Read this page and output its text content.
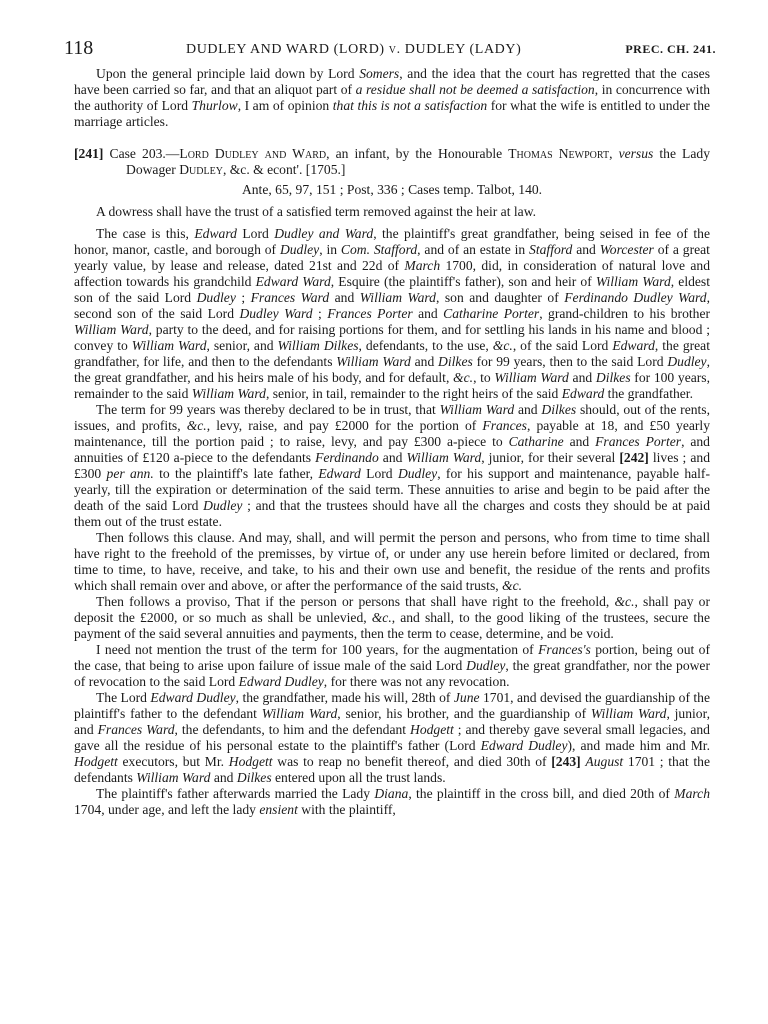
118	DUDLEY AND WARD (LORD) v. DUDLEY (LADY)	PREC. CH. 241.

Upon the general principle laid down by Lord Somers, and the idea that the court has regretted that the cases have been carried so far, and that an aliquot part of a residue shall not be deemed a satisfaction, in concurrence with the authority of Lord Thurlow, I am of opinion that this is not a satisfaction for what the wife is entitled to under the marriage articles.

[241] Case 203.—Lord Dudley and Ward, an infant, by the Honourable Thomas Newport, versus the Lady Dowager Dudley, &c. & econt'. [1705.]
Ante, 65, 97, 151 ; Post, 336 ; Cases temp. Talbot, 140.
A dowress shall have the trust of a satisfied term removed against the heir at law.

The case is this, Edward Lord Dudley and Ward, the plaintiff's great grandfather, being seised in fee of the honor, manor, castle, and borough of Dudley, in Com. Stafford, and of an estate in Stafford and Worcester of a great yearly value, by lease and release, dated 21st and 22d of March 1700, did, in consideration of natural love and affection towards his grandchild Edward Ward, Esquire (the plaintiff's father), son and heir of William Ward, eldest son of the said Lord Dudley ; Frances Ward and William Ward, son and daughter of Ferdinando Dudley Ward, second son of the said Lord Dudley Ward ; Frances Porter and Catharine Porter, grand-children to his brother William Ward, party to the deed, and for raising portions for them, and for settling his lands in his name and blood ; convey to William Ward, senior, and William Dilkes, defendants, to the use, &c., of the said Lord Edward, the great grandfather, for life, and then to the defendants William Ward and Dilkes for 99 years, then to the said Lord Dudley, the great grandfather, and his heirs male of his body, and for default, &c., to William Ward and Dilkes for 100 years, remainder to the said William Ward, senior, in tail, remainder to the right heirs of the said Edward the grandfather.

The term for 99 years was thereby declared to be in trust, that William Ward and Dilkes should, out of the rents, issues, and profits, &c., levy, raise, and pay £2000 for the portion of Frances, payable at 18, and £50 yearly maintenance, till the portion paid ; to raise, levy, and pay £300 a-piece to Catharine and Frances Porter, and annuities of £120 a-piece to the defendants Ferdinando and William Ward, junior, for their several [242] lives ; and £300 per ann. to the plaintiff's late father, Edward Lord Dudley, for his support and maintenance, payable half-yearly, till the expiration or determination of the said term. These annuities to arise and begin to be paid after the death of the said Lord Dudley ; and that the trustees should have all the charges and costs they should be at paid them out of the trust estate.

Then follows this clause. And may, shall, and will permit the person and persons, who from time to time shall have right to the freehold of the premisses, by virtue of, or under any use herein before limited or declared, from time to time, to have, receive, and take, to his and their own use and benefit, the residue of the rents and profits which shall remain over and above, or after the performance of the said trusts, &c.

Then follows a proviso, That if the person or persons that shall have right to the freehold, &c., shall pay or deposit the £2000, or so much as shall be unlevied, &c., and shall, to the good liking of the trustees, secure the payment of the said several annuities and payments, then the term to cease, determine, and be void.

I need not mention the trust of the term for 100 years, for the augmentation of Frances's portion, being out of the case, that being to arise upon failure of issue male of the said Lord Dudley, the great grandfather, nor the power of revocation to the said Lord Edward Dudley, for there was not any revocation.

The Lord Edward Dudley, the grandfather, made his will, 28th of June 1701, and devised the guardianship of the plaintiff's father to the defendant William Ward, senior, his brother, and the guardianship of William Ward, junior, and Frances Ward, the defendants, to him and the defendant Hodgett ; and thereby gave several small legacies, and gave all the residue of his personal estate to the plaintiff's father (Lord Edward Dudley), and made him and Mr. Hodgett executors, but Mr. Hodgett was to reap no benefit thereof, and died 30th of [243] August 1701 ; that the defendants William Ward and Dilkes entered upon all the trust lands.

The plaintiff's father afterwards married the Lady Diana, the plaintiff in the cross bill, and died 20th of March 1704, under age, and left the lady ensient with the plaintiff,
